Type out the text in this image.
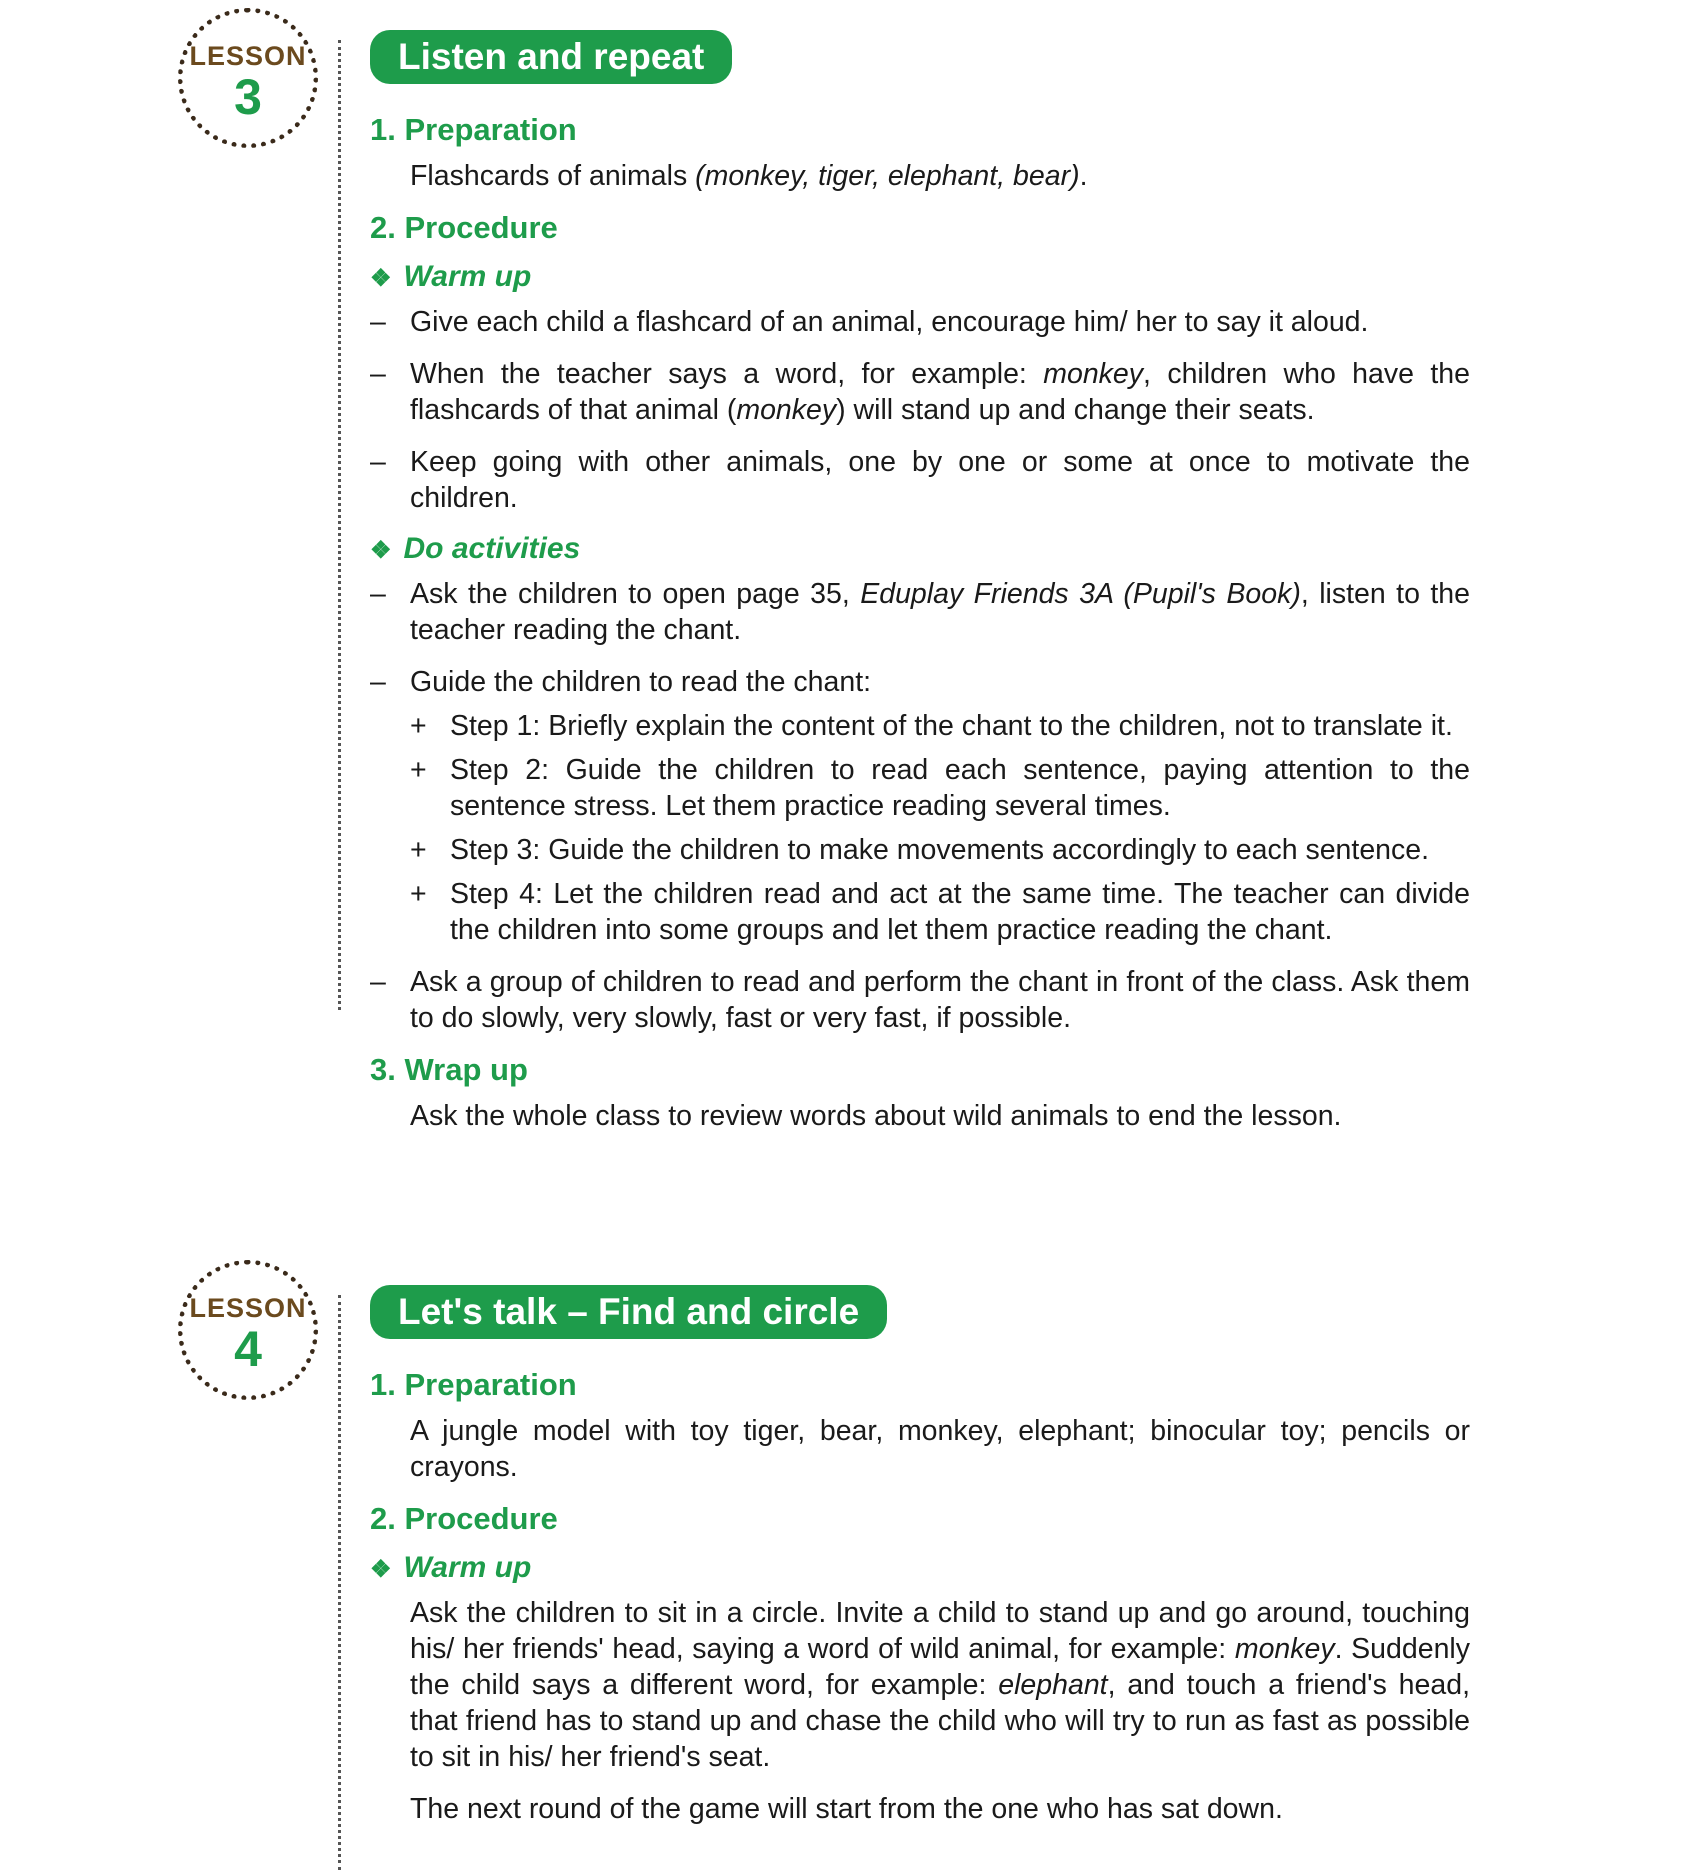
LESSON
3
Listen and repeat
1. Preparation
Flashcards of animals (monkey, tiger, elephant, bear).
2. Procedure
❖ Warm up
– Give each child a flashcard of an animal, encourage him/ her to say it aloud.
– When the teacher says a word, for example: monkey, children who have the flashcards of that animal (monkey) will stand up and change their seats.
– Keep going with other animals, one by one or some at once to motivate the children.
❖ Do activities
– Ask the children to open page 35, Eduplay Friends 3A (Pupil's Book), listen to the teacher reading the chant.
– Guide the children to read the chant:
+ Step 1: Briefly explain the content of the chant to the children, not to translate it.
+ Step 2: Guide the children to read each sentence, paying attention to the sentence stress. Let them practice reading several times.
+ Step 3: Guide the children to make movements accordingly to each sentence.
+ Step 4: Let the children read and act at the same time. The teacher can divide the children into some groups and let them practice reading the chant.
– Ask a group of children to read and perform the chant in front of the class. Ask them to do slowly, very slowly, fast or very fast, if possible.
3. Wrap up
Ask the whole class to review words about wild animals to end the lesson.
LESSON
4
Let's talk – Find and circle
1. Preparation
A jungle model with toy tiger, bear, monkey, elephant; binocular toy; pencils or crayons.
2. Procedure
❖ Warm up
Ask the children to sit in a circle. Invite a child to stand up and go around, touching his/ her friends' head, saying a word of wild animal, for example: monkey. Suddenly the child says a different word, for example: elephant, and touch a friend's head, that friend has to stand up and chase the child who will try to run as fast as possible to sit in his/ her friend's seat.
The next round of the game will start from the one who has sat down.
